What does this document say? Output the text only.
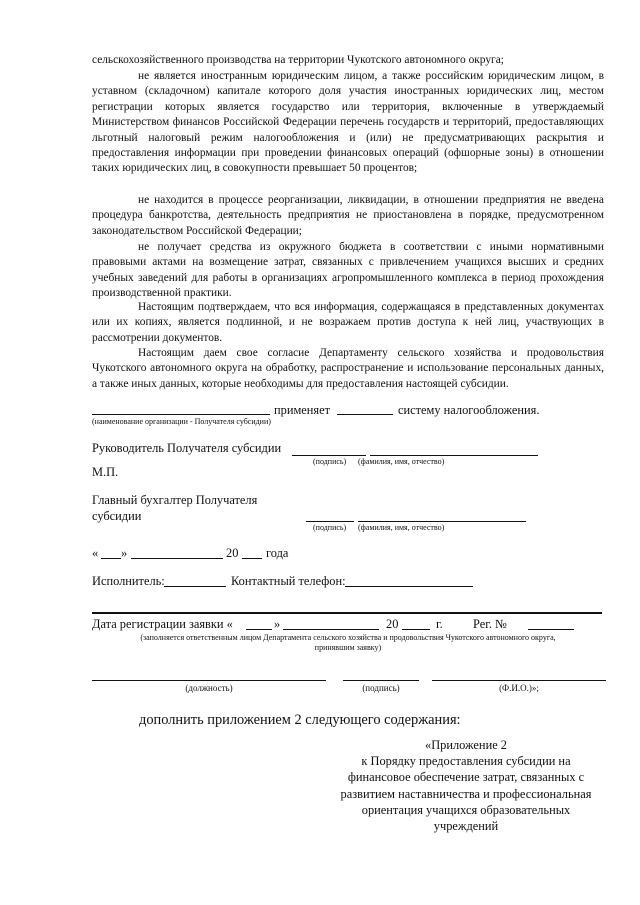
сельскохозяйственного производства на территории Чукотского автономного округа;

не является иностранным юридическим лицом, а также российским юридическим лицом, в уставном (складочном) капитале которого доля участия иностранных юридических лиц, местом регистрации которых является государство или территория, включенные в утверждаемый Министерством финансов Российской Федерации перечень государств и территорий, предоставляющих льготный налоговый режим налогообложения и (или) не предусматривающих раскрытия и предоставления информации при проведении финансовых операций (офшорные зоны) в отношении таких юридических лиц, в совокупности превышает 50 процентов;

не находится в процессе реорганизации, ликвидации, в отношении предприятия не введена процедура банкротства, деятельность предприятия не приостановлена в порядке, предусмотренном законодательством Российской Федерации;

не получает средства из окружного бюджета в соответствии с иными нормативными правовыми актами на возмещение затрат, связанных с привлечением учащихся высших и средних учебных заведений для работы в организациях агропромышленного комплекса в период прохождения производственной практики.

Настоящим подтверждаем, что вся информация, содержащаяся в представленных документах или их копиях, является подлинной, и не возражаем против доступа к ней лиц, участвующих в рассмотрении документов.

Настоящим даем свое согласие Департаменту сельского хозяйства и продовольствия Чукотского автономного округа на обработку, распространение и использование персональных данных, а также иных данных, которые необходимы для предоставления настоящей субсидии.

применяет	систему налогообложения.
(наименование организации - Получателя субсидии)
Руководитель Получателя субсидии
(подпись) (фамилия, имя, отчество)
М.П.
Главный бухгалтер Получателя
субсидии
(подпись) (фамилия, имя, отчество)
« »	20 года
Исполнитель:	Контактный телефон:
Дата регистрации заявки «	»	20	г. Рег. №
(заполняется ответственным лицом Департамента сельского хозяйства и продовольствия Чукотского автономного округа,
принявшим заявку)
(должность)	(подпись)	(Ф.И.О.)»;
дополнить приложением 2 следующего содержания:
«Приложение 2
к Порядку предоставления субсидии на
финансовое обеспечение затрат, связанных с
развитием наставничества и профессиональная
ориентация учащихся образовательных
учреждений
